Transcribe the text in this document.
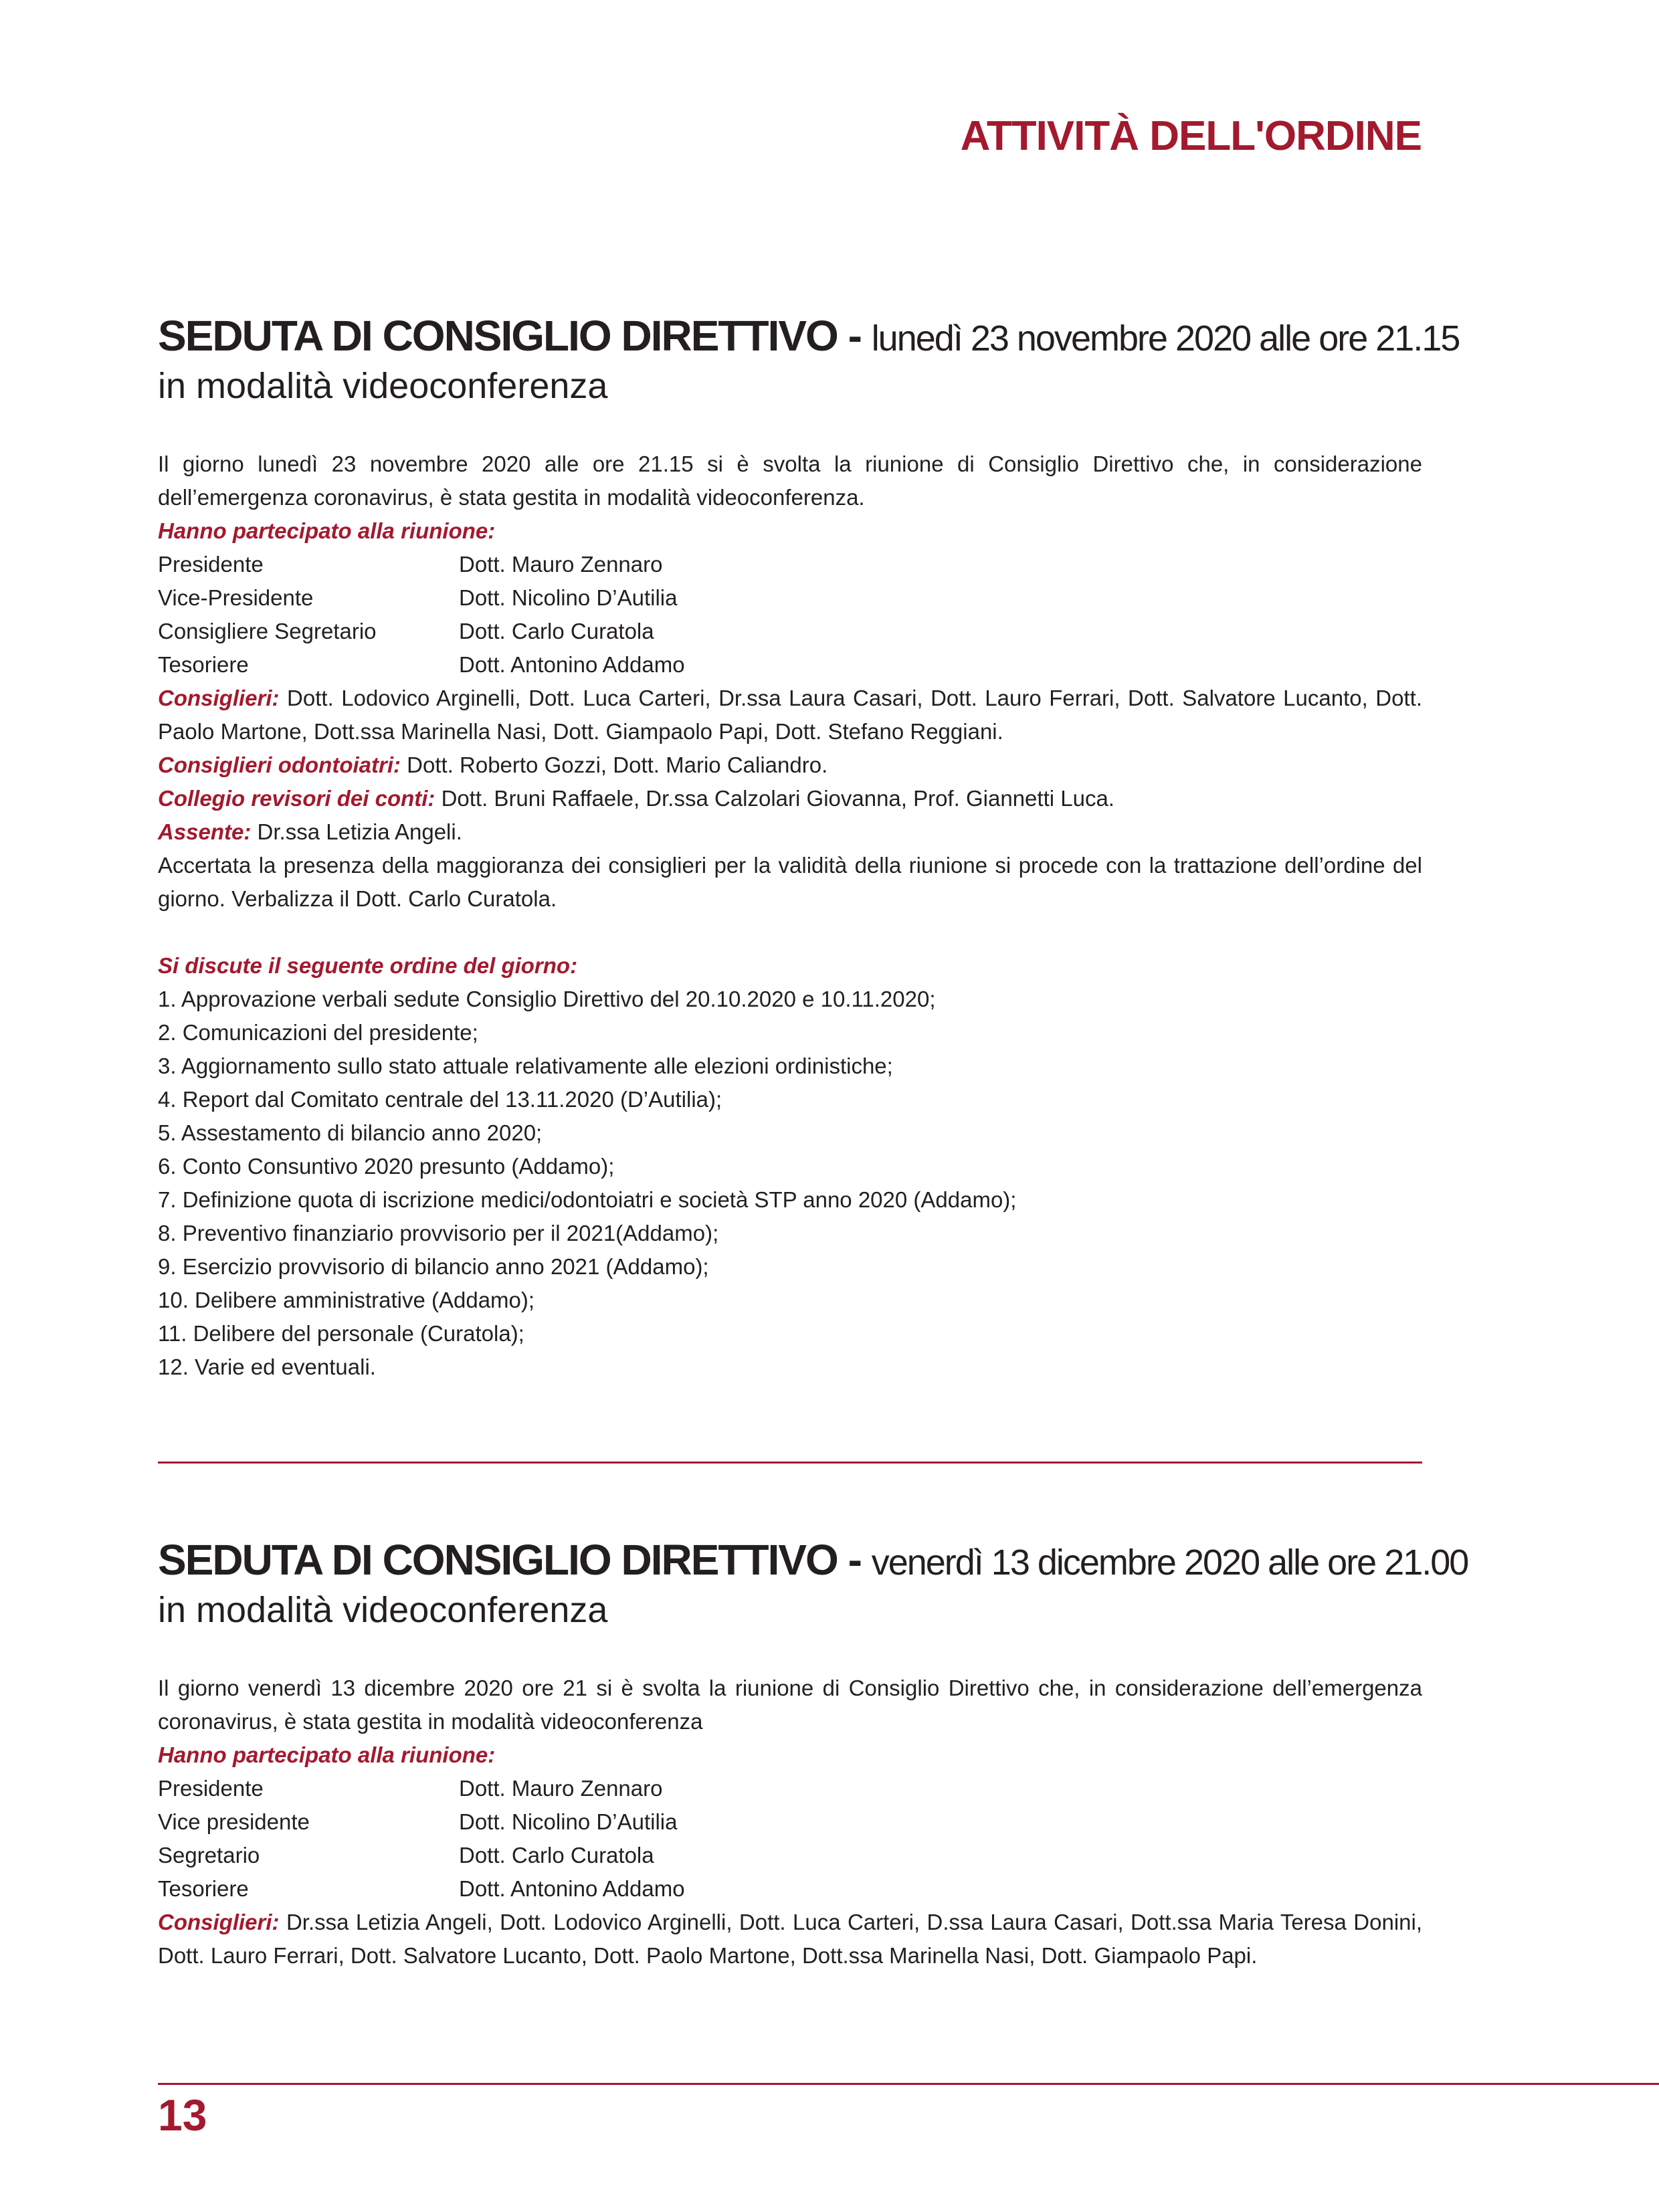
ATTIVITÀ DELL'ORDINE
SEDUTA DI CONSIGLIO DIRETTIVO - lunedì 23 novembre 2020 alle ore 21.15
in modalità videoconferenza

Il giorno lunedì 23 novembre 2020 alle ore 21.15 si è svolta la riunione di Consiglio Direttivo che, in considerazione dell’emergenza coronavirus, è stata gestita in modalità videoconferenza.

Hanno partecipato alla riunione:
Presidente	Dott. Mauro Zennaro
Vice-Presidente	Dott. Nicolino D’Autilia
Consigliere Segretario	Dott. Carlo Curatola
Tesoriere	Dott. Antonino Addamo

Consiglieri: Dott. Lodovico Arginelli, Dott. Luca Carteri, Dr.ssa Laura Casari, Dott. Lauro Ferrari, Dott. Salvatore Lucanto, Dott. Paolo Martone, Dott.ssa Marinella Nasi, Dott. Giampaolo Papi, Dott. Stefano Reggiani.

Consiglieri odontoiatri: Dott. Roberto Gozzi, Dott. Mario Caliandro.

Collegio revisori dei conti: Dott. Bruni Raffaele, Dr.ssa Calzolari Giovanna, Prof. Giannetti Luca.

Assente: Dr.ssa Letizia Angeli.

Accertata la presenza della maggioranza dei consiglieri per la validità della riunione si procede con la trattazione dell’ordine del giorno. Verbalizza il Dott. Carlo Curatola.

Si discute il seguente ordine del giorno:
1. Approvazione verbali sedute Consiglio Direttivo del 20.10.2020 e 10.11.2020;
2. Comunicazioni del presidente;
3. Aggiornamento sullo stato attuale relativamente alle elezioni ordinistiche;
4. Report dal Comitato centrale del 13.11.2020 (D’Autilia);
5. Assestamento di bilancio anno 2020;
6. Conto Consuntivo 2020 presunto (Addamo);
7. Definizione quota di iscrizione medici/odontoiatri e società STP anno 2020 (Addamo);
8. Preventivo finanziario provvisorio per il 2021(Addamo);
9. Esercizio provvisorio di bilancio anno 2021 (Addamo);
10. Delibere amministrative (Addamo);
11. Delibere del personale (Curatola);
12. Varie ed eventuali.
SEDUTA DI CONSIGLIO DIRETTIVO - venerdì 13 dicembre 2020 alle ore 21.00
in modalità videoconferenza

Il giorno venerdì 13 dicembre 2020 ore 21 si è svolta la riunione di Consiglio Direttivo che, in considerazione dell’emergenza coronavirus, è stata gestita in modalità videoconferenza

Hanno partecipato alla riunione:
Presidente	Dott. Mauro Zennaro
Vice presidente	Dott. Nicolino D’Autilia
Segretario	Dott. Carlo Curatola
Tesoriere	Dott. Antonino Addamo

Consiglieri: Dr.ssa Letizia Angeli, Dott. Lodovico Arginelli, Dott. Luca Carteri, D.ssa Laura Casari, Dott.ssa Maria Teresa Donini, Dott. Lauro Ferrari, Dott. Salvatore Lucanto, Dott. Paolo Martone, Dott.ssa Marinella Nasi, Dott. Giampaolo Papi.

13
